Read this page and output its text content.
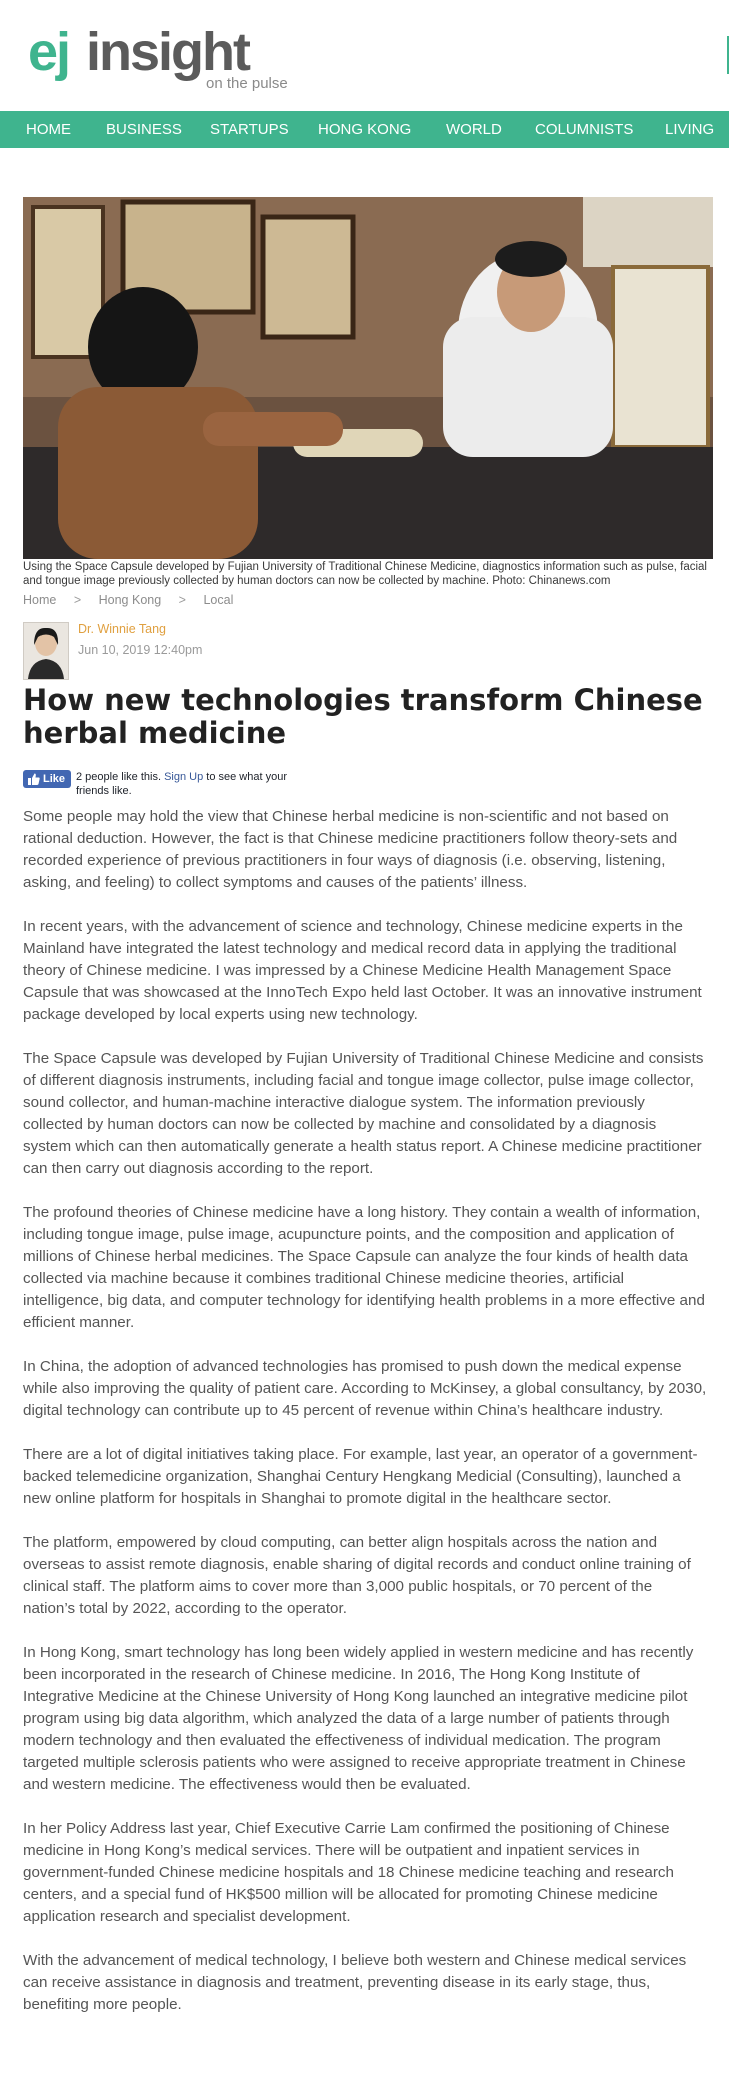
ej insight
on the pulse
HOME BUSINESS STARTUPS HONG KONG WORLD COLUMNISTS LIVING
Using the Space Capsule developed by Fujian University of Traditional Chinese Medicine, diagnostics information such as pulse, facial and tongue image previously collected by human doctors can now be collected by machine. Photo: Chinanews.com
Home > Hong Kong > Local
Dr. Winnie Tang
Jun 10, 2019 12:40pm
How new technologies transform Chinese herbal medicine
Like 2 people like this. Sign Up to see what your friends like.

Some people may hold the view that Chinese herbal medicine is non-scientific and not based on rational deduction. However, the fact is that Chinese medicine practitioners follow theory-sets and recorded experience of previous practitioners in four ways of diagnosis (i.e. observing, listening, asking, and feeling) to collect symptoms and causes of the patients’ illness.

In recent years, with the advancement of science and technology, Chinese medicine experts in the Mainland have integrated the latest technology and medical record data in applying the traditional theory of Chinese medicine. I was impressed by a Chinese Medicine Health Management Space Capsule that was showcased at the InnoTech Expo held last October. It was an innovative instrument package developed by local experts using new technology.

The Space Capsule was developed by Fujian University of Traditional Chinese Medicine and consists of different diagnosis instruments, including facial and tongue image collector, pulse image collector, sound collector, and human-machine interactive dialogue system. The information previously collected by human doctors can now be collected by machine and consolidated by a diagnosis system which can then automatically generate a health status report. A Chinese medicine practitioner can then carry out diagnosis according to the report.

The profound theories of Chinese medicine have a long history. They contain a wealth of information, including tongue image, pulse image, acupuncture points, and the composition and application of millions of Chinese herbal medicines. The Space Capsule can analyze the four kinds of health data collected via machine because it combines traditional Chinese medicine theories, artificial intelligence, big data, and computer technology for identifying health problems in a more effective and efficient manner.

In China, the adoption of advanced technologies has promised to push down the medical expense while also improving the quality of patient care. According to McKinsey, a global consultancy, by 2030, digital technology can contribute up to 45 percent of revenue within China’s healthcare industry.

There are a lot of digital initiatives taking place. For example, last year, an operator of a government-backed telemedicine organization, Shanghai Century Hengkang Medicial (Consulting), launched a new online platform for hospitals in Shanghai to promote digital in the healthcare sector.

The platform, empowered by cloud computing, can better align hospitals across the nation and overseas to assist remote diagnosis, enable sharing of digital records and conduct online training of clinical staff. The platform aims to cover more than 3,000 public hospitals, or 70 percent of the nation’s total by 2022, according to the operator.

In Hong Kong, smart technology has long been widely applied in western medicine and has recently been incorporated in the research of Chinese medicine. In 2016, The Hong Kong Institute of Integrative Medicine at the Chinese University of Hong Kong launched an integrative medicine pilot program using big data algorithm, which analyzed the data of a large number of patients through modern technology and then evaluated the effectiveness of individual medication. The program targeted multiple sclerosis patients who were assigned to receive appropriate treatment in Chinese and western medicine. The effectiveness would then be evaluated.

In her Policy Address last year, Chief Executive Carrie Lam confirmed the positioning of Chinese medicine in Hong Kong’s medical services. There will be outpatient and inpatient services in government-funded Chinese medicine hospitals and 18 Chinese medicine teaching and research centers, and a special fund of HK$500 million will be allocated for promoting Chinese medicine application research and specialist development.

With the advancement of medical technology, I believe both western and Chinese medical services can receive assistance in diagnosis and treatment, preventing disease in its early stage, thus, benefiting more people.
